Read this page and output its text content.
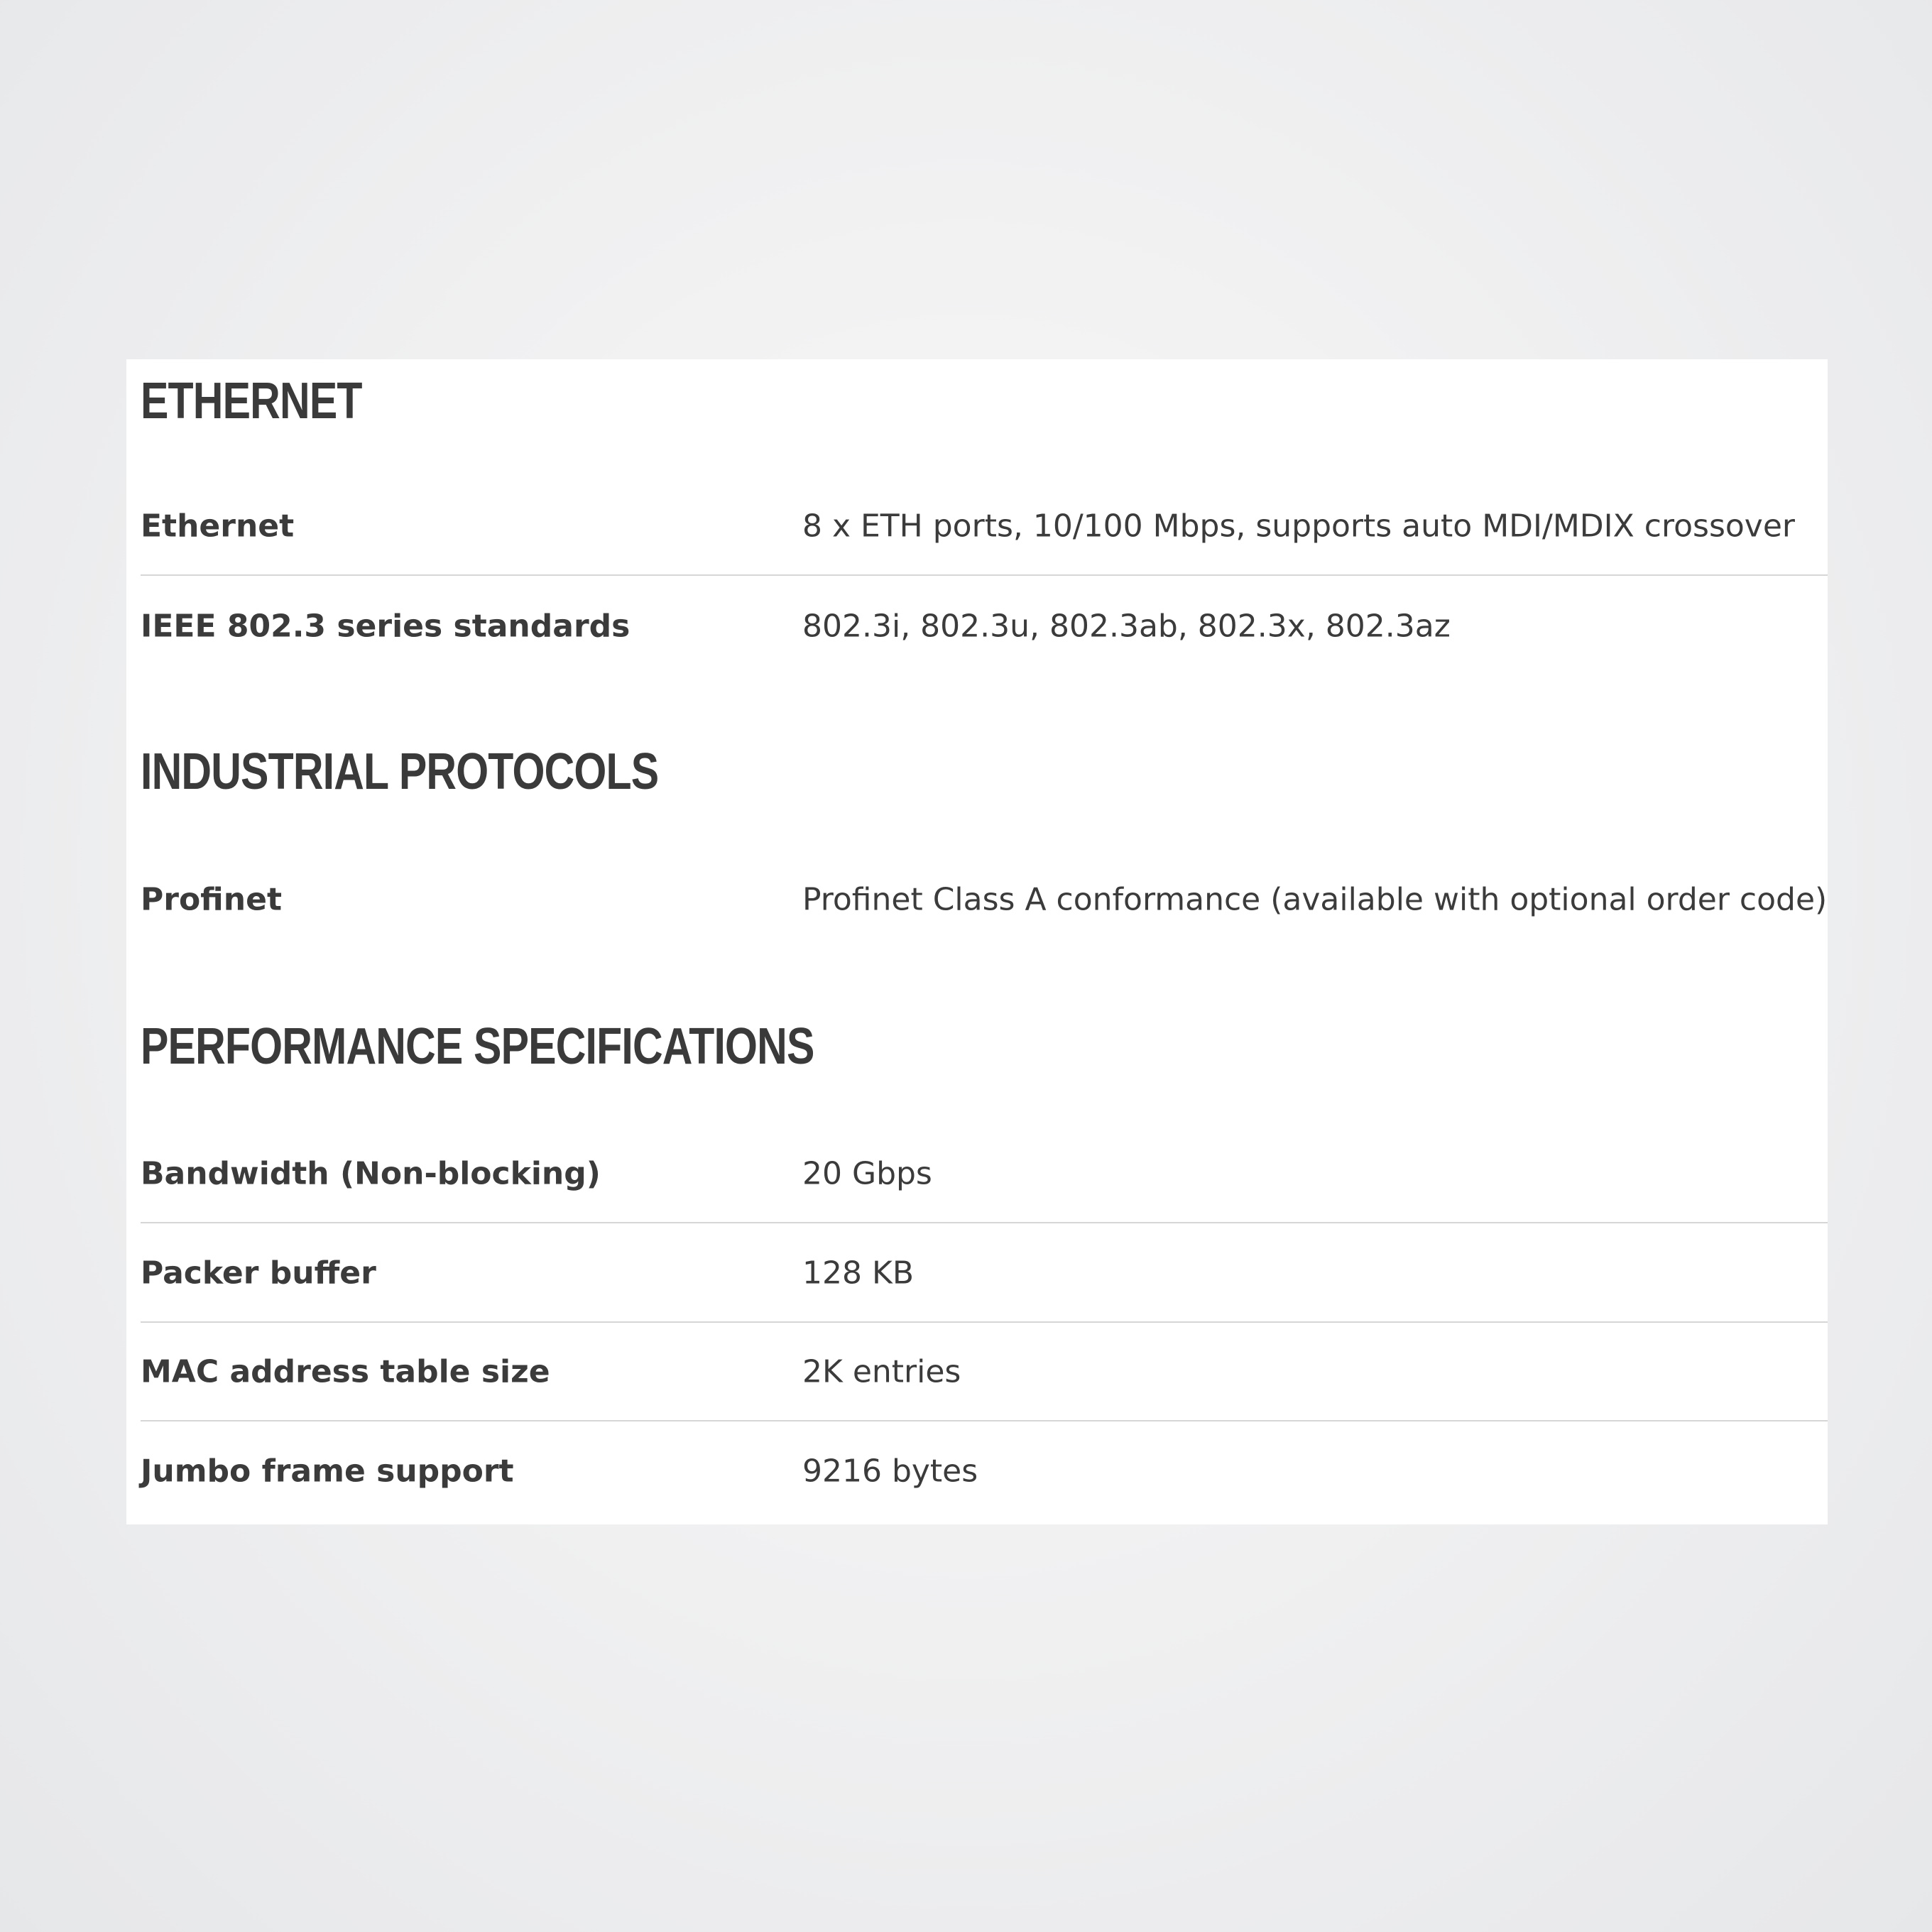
ETHERNET
Ethernet	8 x ETH ports, 10/100 Mbps, supports auto MDI/MDIX crossover
IEEE 802.3 series standards	802.3i, 802.3u, 802.3ab, 802.3x, 802.3az
INDUSTRIAL PROTOCOLS
Profinet	Profinet Class A conformance (available with optional order code)
PERFORMANCE SPECIFICATIONS
Bandwidth (Non-blocking)	20 Gbps
Packer buffer	128 KB
MAC address table size	2K entries
Jumbo frame support	9216 bytes
